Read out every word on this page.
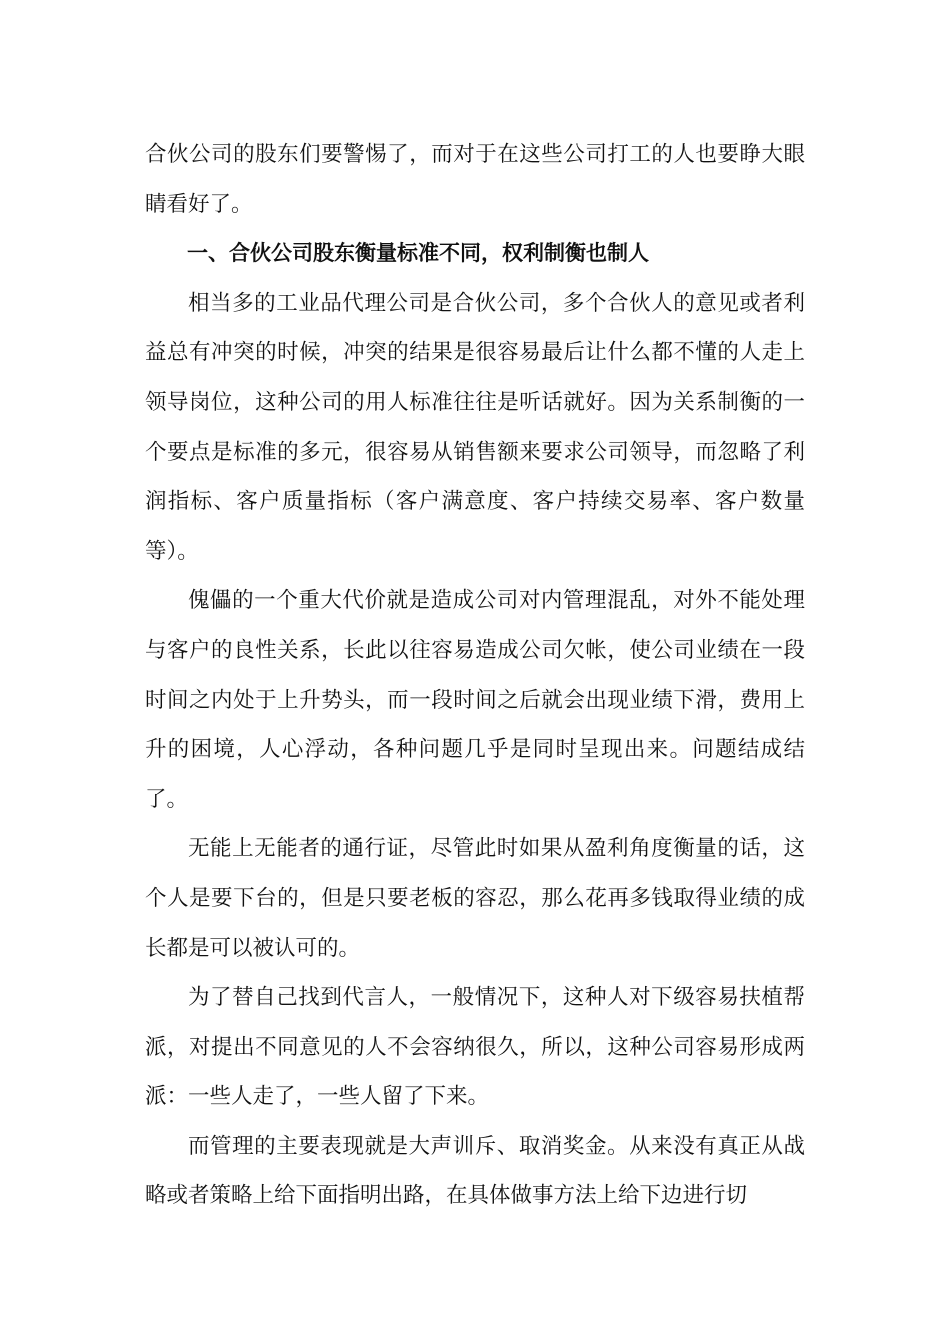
合伙公司的股东们要警惕了，而对于在这些公司打工的人也要睁大眼睛看好了。

一、合伙公司股东衡量标准不同，权利制衡也制人

相当多的工业品代理公司是合伙公司，多个合伙人的意见或者利益总有冲突的时候，冲突的结果是很容易最后让什么都不懂的人走上领导岗位，这种公司的用人标准往往是听话就好。因为关系制衡的一个要点是标准的多元，很容易从销售额来要求公司领导，而忽略了利润指标、客户质量指标（客户满意度、客户持续交易率、客户数量等）。

傀儡的一个重大代价就是造成公司对内管理混乱，对外不能处理与客户的良性关系，长此以往容易造成公司欠帐，使公司业绩在一段时间之内处于上升势头，而一段时间之后就会出现业绩下滑，费用上升的困境，人心浮动，各种问题几乎是同时呈现出来。问题结成结了。

无能上无能者的通行证，尽管此时如果从盈利角度衡量的话，这个人是要下台的，但是只要老板的容忍，那么花再多钱取得业绩的成长都是可以被认可的。

为了替自己找到代言人，一般情况下，这种人对下级容易扶植帮派，对提出不同意见的人不会容纳很久，所以，这种公司容易形成两派：一些人走了，一些人留了下来。

而管理的主要表现就是大声训斥、取消奖金。从来没有真正从战略或者策略上给下面指明出路，在具体做事方法上给下边进行切
